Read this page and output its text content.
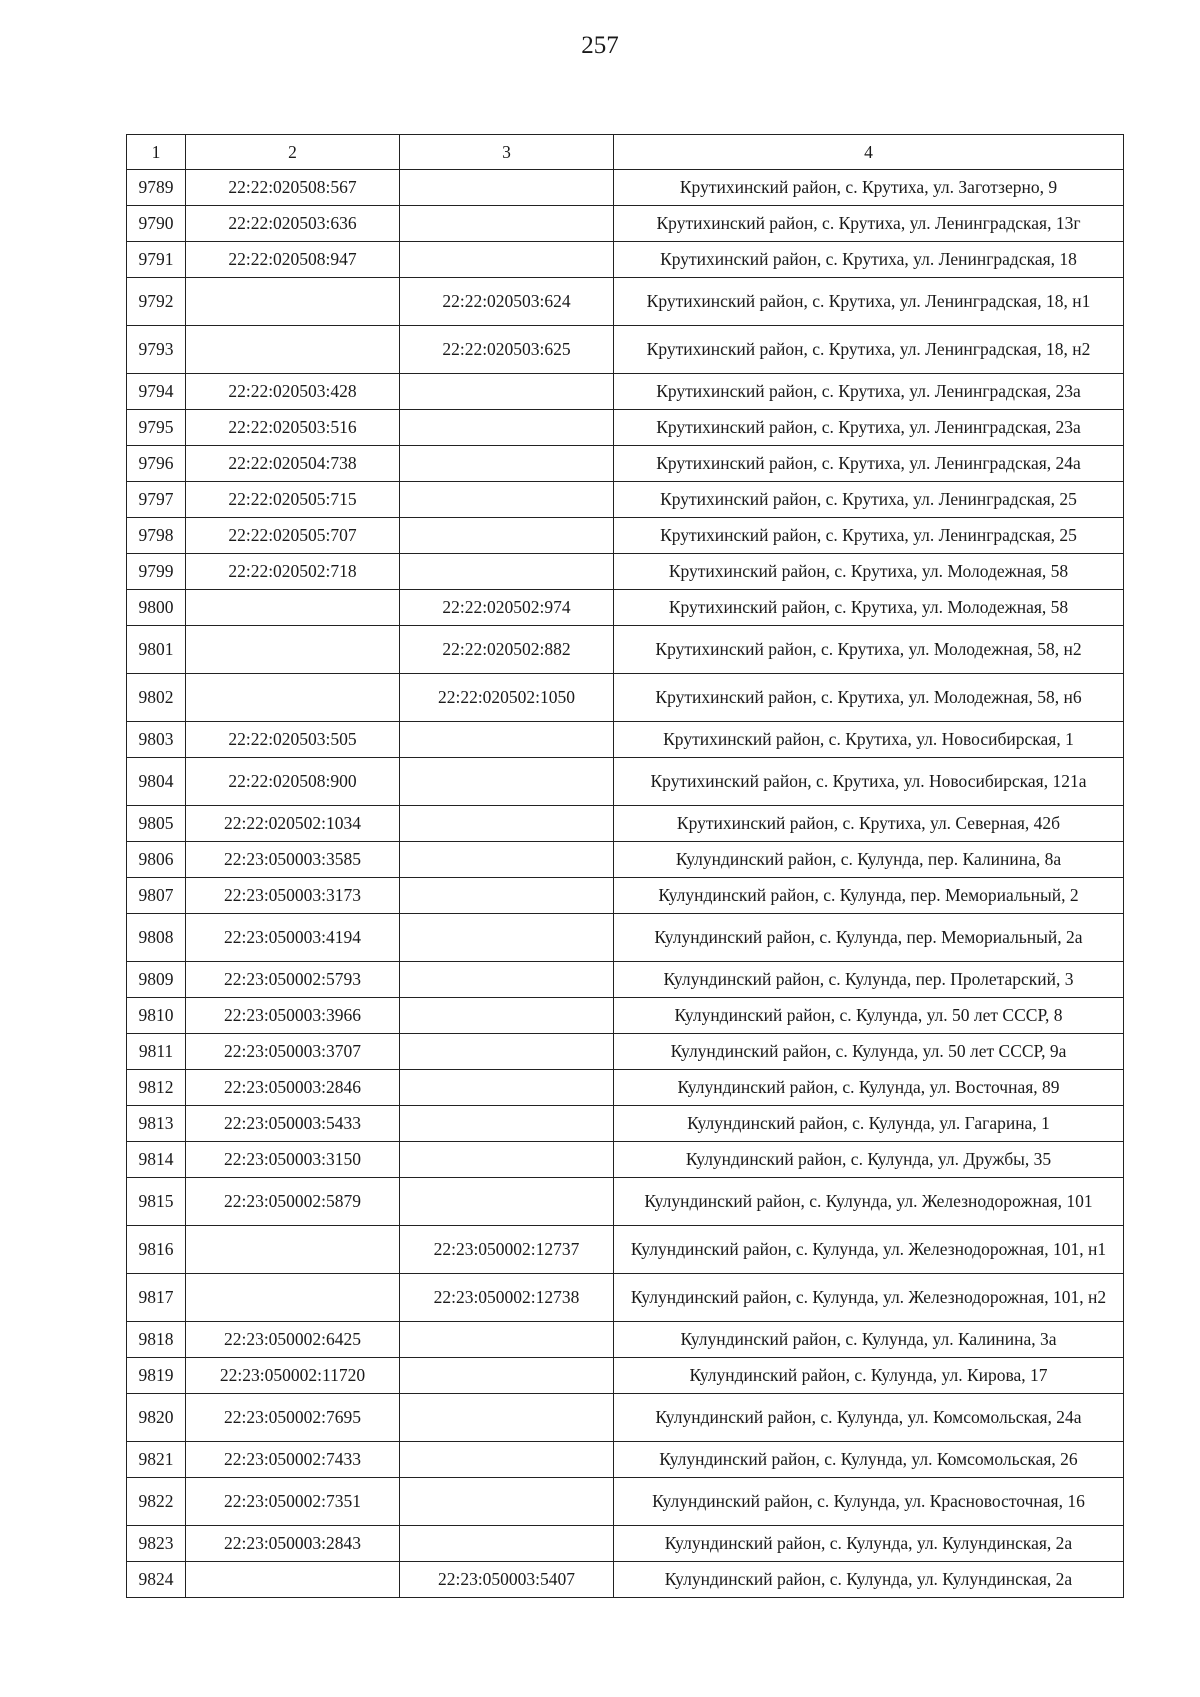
257
1	2	3	4
9789	22:22:020508:567		Крутихинский район, с. Крутиха, ул. Заготзерно, 9
9790	22:22:020503:636		Крутихинский район, с. Крутиха, ул. Ленинградская, 13г
9791	22:22:020508:947		Крутихинский район, с. Крутиха, ул. Ленинградская, 18
9792		22:22:020503:624	Крутихинский район, с. Крутиха, ул. Ленинградская, 18, н1
9793		22:22:020503:625	Крутихинский район, с. Крутиха, ул. Ленинградская, 18, н2
9794	22:22:020503:428		Крутихинский район, с. Крутиха, ул. Ленинградская, 23а
9795	22:22:020503:516		Крутихинский район, с. Крутиха, ул. Ленинградская, 23а
9796	22:22:020504:738		Крутихинский район, с. Крутиха, ул. Ленинградская, 24а
9797	22:22:020505:715		Крутихинский район, с. Крутиха, ул. Ленинградская, 25
9798	22:22:020505:707		Крутихинский район, с. Крутиха, ул. Ленинградская, 25
9799	22:22:020502:718		Крутихинский район, с. Крутиха, ул. Молодежная, 58
9800		22:22:020502:974	Крутихинский район, с. Крутиха, ул. Молодежная, 58
9801		22:22:020502:882	Крутихинский район, с. Крутиха, ул. Молодежная, 58, н2
9802		22:22:020502:1050	Крутихинский район, с. Крутиха, ул. Молодежная, 58, н6
9803	22:22:020503:505		Крутихинский район, с. Крутиха, ул. Новосибирская, 1
9804	22:22:020508:900		Крутихинский район, с. Крутиха, ул. Новосибирская, 121а
9805	22:22:020502:1034		Крутихинский район, с. Крутиха, ул. Северная, 42б
9806	22:23:050003:3585		Кулундинский район, с. Кулунда, пер. Калинина, 8а
9807	22:23:050003:3173		Кулундинский район, с. Кулунда, пер. Мемориальный, 2
9808	22:23:050003:4194		Кулундинский район, с. Кулунда, пер. Мемориальный, 2а
9809	22:23:050002:5793		Кулундинский район, с. Кулунда, пер. Пролетарский, 3
9810	22:23:050003:3966		Кулундинский район, с. Кулунда, ул. 50 лет СССР, 8
9811	22:23:050003:3707		Кулундинский район, с. Кулунда, ул. 50 лет СССР, 9а
9812	22:23:050003:2846		Кулундинский район, с. Кулунда, ул. Восточная, 89
9813	22:23:050003:5433		Кулундинский район, с. Кулунда, ул. Гагарина, 1
9814	22:23:050003:3150		Кулундинский район, с. Кулунда, ул. Дружбы, 35
9815	22:23:050002:5879		Кулундинский район, с. Кулунда, ул. Железнодорожная, 101
9816		22:23:050002:12737	Кулундинский район, с. Кулунда, ул. Железнодорожная, 101, н1
9817		22:23:050002:12738	Кулундинский район, с. Кулунда, ул. Железнодорожная, 101, н2
9818	22:23:050002:6425		Кулундинский район, с. Кулунда, ул. Калинина, 3а
9819	22:23:050002:11720		Кулундинский район, с. Кулунда, ул. Кирова, 17
9820	22:23:050002:7695		Кулундинский район, с. Кулунда, ул. Комсомольская, 24а
9821	22:23:050002:7433		Кулундинский район, с. Кулунда, ул. Комсомольская, 26
9822	22:23:050002:7351		Кулундинский район, с. Кулунда, ул. Красновосточная, 16
9823	22:23:050003:2843		Кулундинский район, с. Кулунда, ул. Кулундинская, 2а
9824		22:23:050003:5407	Кулундинский район, с. Кулунда, ул. Кулундинская, 2а
